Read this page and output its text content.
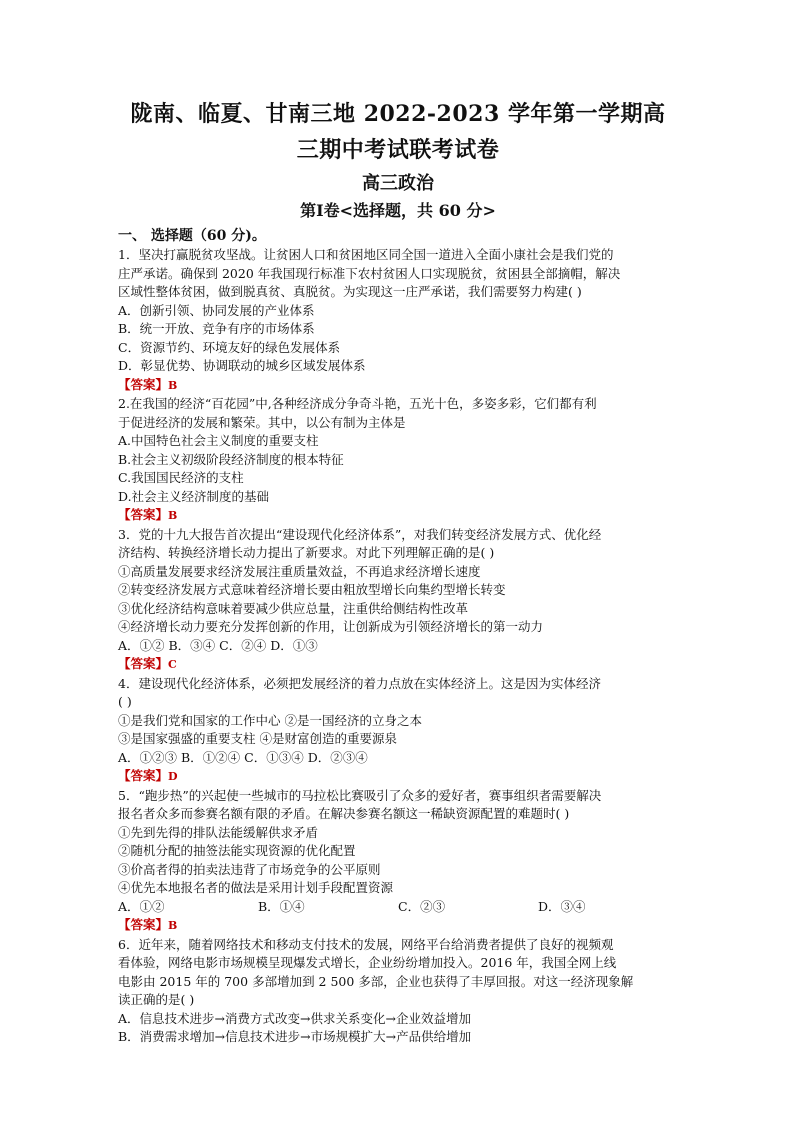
陇南、临夏、甘南三地 2022-2023 学年第一学期高
三期中考试联考试卷
高三政治
第Ⅰ卷<选择题，共 60 分>
一、 选择题（60 分)。
1．坚决打赢脱贫攻坚战。让贫困人口和贫困地区同全国一道进入全面小康社会是我们党的
庄严承诺。确保到 2020 年我国现行标准下农村贫困人口实现脱贫，贫困县全部摘帽，解决
区域性整体贫困，做到脱真贫、真脱贫。为实现这一庄严承诺，我们需要努力构建( )
A．创新引领、协同发展的产业体系
B．统一开放、竞争有序的市场体系
C．资源节约、环境友好的绿色发展体系
D．彰显优势、协调联动的城乡区域发展体系
【答案】B
2.在我国的经济“百花园”中,各种经济成分争奇斗艳，五光十色，多姿多彩，它们都有利
于促进经济的发展和繁荣。其中，以公有制为主体是
A.中国特色社会主义制度的重要支柱
B.社会主义初级阶段经济制度的根本特征
C.我国国民经济的支柱
D.社会主义经济制度的基础
【答案】B
3．党的十九大报告首次提出“建设现代化经济体系”，对我们转变经济发展方式、优化经
济结构、转换经济增长动力提出了新要求。对此下列理解正确的是( )
①高质量发展要求经济发展注重质量效益，不再追求经济增长速度
②转变经济发展方式意味着经济增长要由粗放型增长向集约型增长转变
③优化经济结构意味着要减少供应总量，注重供给侧结构性改革
④经济增长动力要充分发挥创新的作用，让创新成为引领经济增长的第一动力
A．①② B．③④ C．②④ D．①③
【答案】C
4．建设现代化经济体系，必须把发展经济的着力点放在实体经济上。这是因为实体经济
( )
①是我们党和国家的工作中心 ②是一国经济的立身之本
③是国家强盛的重要支柱 ④是财富创造的重要源泉
A．①②③ B．①②④ C．①③④ D．②③④
【答案】D
5．“跑步热”的兴起使一些城市的马拉松比赛吸引了众多的爱好者，赛事组织者需要解决
报名者众多而参赛名额有限的矛盾。在解决参赛名额这一稀缺资源配置的难题时( )
①先到先得的排队法能缓解供求矛盾
②随机分配的抽签法能实现资源的优化配置
③价高者得的拍卖法违背了市场竞争的公平原则
④优先本地报名者的做法是采用计划手段配置资源
A．①②	B．①④	C．②③	D．③④
【答案】B
6．近年来，随着网络技术和移动支付技术的发展，网络平台给消费者提供了良好的视频观
看体验，网络电影市场规模呈现爆发式增长，企业纷纷增加投入。2016 年，我国全网上线
电影由 2015 年的 700 多部增加到 2 500 多部，企业也获得了丰厚回报。对这一经济现象解
读正确的是( )
A．信息技术进步→消费方式改变→供求关系变化→企业效益增加
B．消费需求增加→信息技术进步→市场规模扩大→产品供给增加
